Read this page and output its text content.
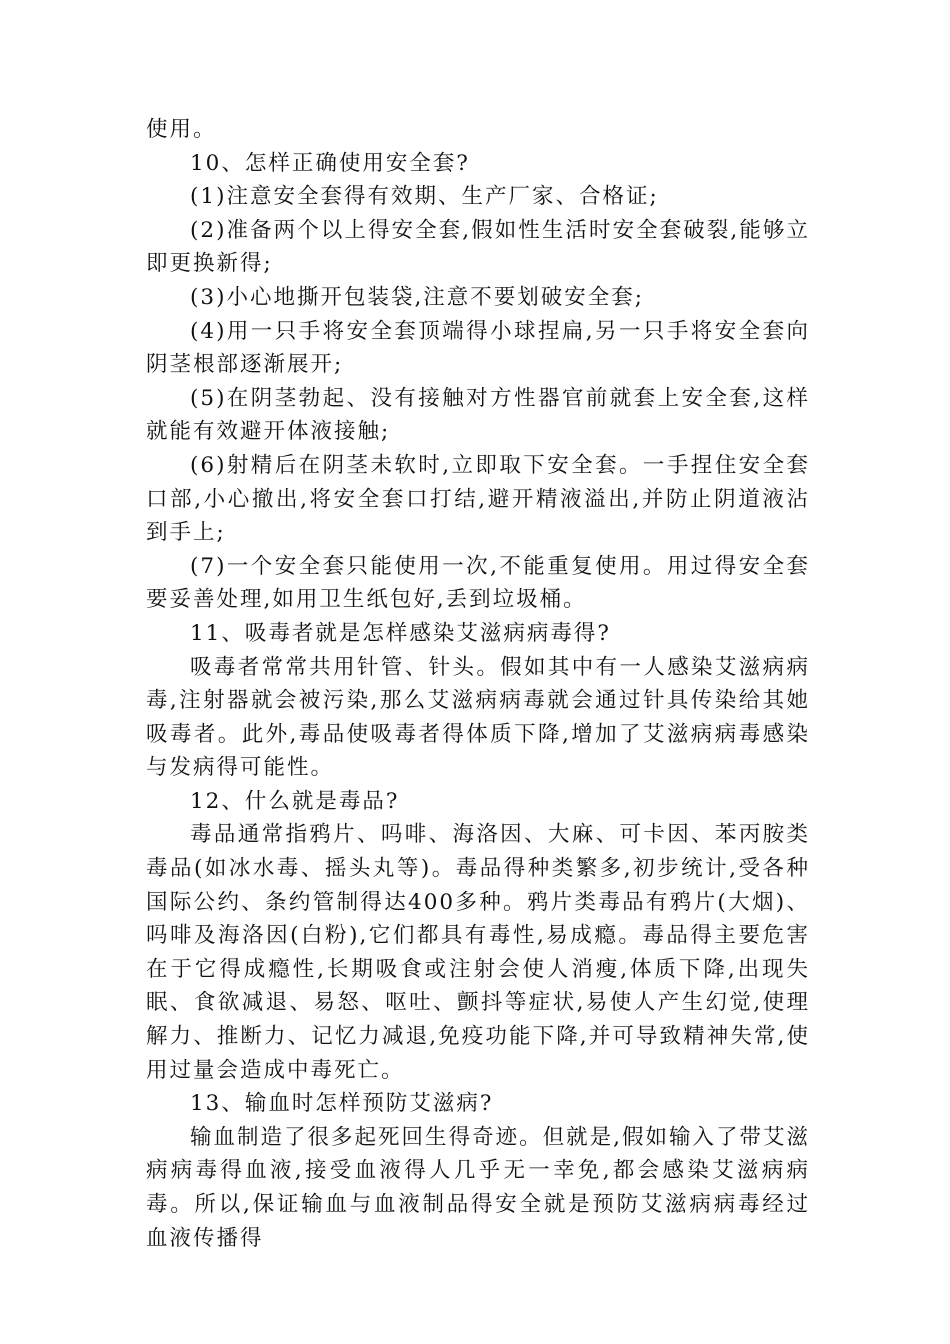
使用。

10、怎样正确使用安全套?

(1)注意安全套得有效期、生产厂家、合格证;

(2)准备两个以上得安全套,假如性生活时安全套破裂,能够立即更换新得;

(3)小心地撕开包装袋,注意不要划破安全套;

(4)用一只手将安全套顶端得小球捏扁,另一只手将安全套向阴茎根部逐渐展开;

(5)在阴茎勃起、没有接触对方性器官前就套上安全套,这样就能有效避开体液接触;

(6)射精后在阴茎未软时,立即取下安全套。一手捏住安全套口部,小心撤出,将安全套口打结,避开精液溢出,并防止阴道液沾到手上;

(7)一个安全套只能使用一次,不能重复使用。用过得安全套要妥善处理,如用卫生纸包好,丢到垃圾桶。

11、吸毒者就是怎样感染艾滋病病毒得?

吸毒者常常共用针管、针头。假如其中有一人感染艾滋病病毒,注射器就会被污染,那么艾滋病病毒就会通过针具传染给其她吸毒者。此外,毒品使吸毒者得体质下降,增加了艾滋病病毒感染与发病得可能性。

12、什么就是毒品?

毒品通常指鸦片、吗啡、海洛因、大麻、可卡因、苯丙胺类毒品(如冰水毒、摇头丸等)。毒品得种类繁多,初步统计,受各种国际公约、条约管制得达400多种。鸦片类毒品有鸦片(大烟)、吗啡及海洛因(白粉),它们都具有毒性,易成瘾。毒品得主要危害在于它得成瘾性,长期吸食或注射会使人消瘦,体质下降,出现失眠、食欲减退、易怒、呕吐、颤抖等症状,易使人产生幻觉,使理解力、推断力、记忆力减退,免疫功能下降,并可导致精神失常,使用过量会造成中毒死亡。

13、输血时怎样预防艾滋病?

输血制造了很多起死回生得奇迹。但就是,假如输入了带艾滋病病毒得血液,接受血液得人几乎无一幸免,都会感染艾滋病病毒。所以,保证输血与血液制品得安全就是预防艾滋病病毒经过血液传播得
